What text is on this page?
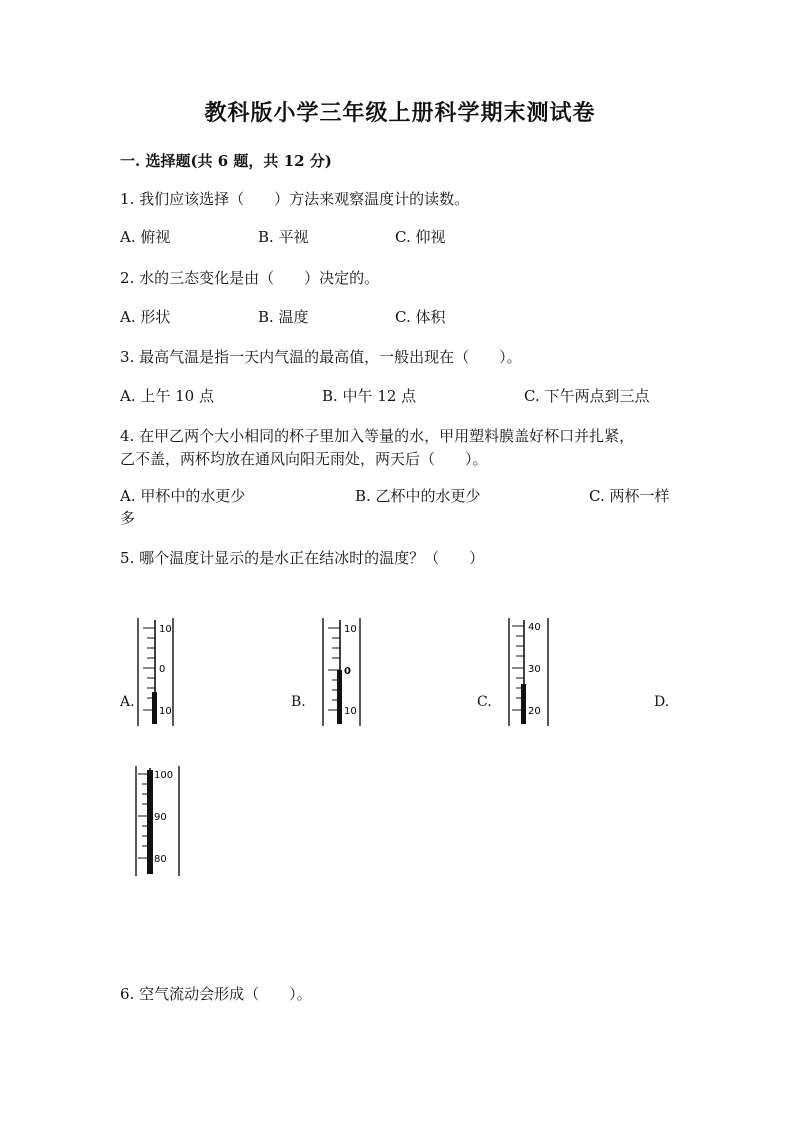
教科版小学三年级上册科学期末测试卷
一. 选择题(共 6 题，共 12 分)
1. 我们应该选择（　　）方法来观察温度计的读数。
A. 俯视	B. 平视	C. 仰视
2. 水的三态变化是由（　　）决定的。
A. 形状	B. 温度	C. 体积
3. 最高气温是指一天内气温的最高值，一般出现在（　　）。
A. 上午 10 点	B. 中午 12 点	C. 下午两点到三点
4. 在甲乙两个大小相同的杯子里加入等量的水，甲用塑料膜盖好杯口并扎紧，
乙不盖，两杯均放在通风向阳无雨处，两天后（　　）。
A. 甲杯中的水更少	B. 乙杯中的水更少	C. 两杯一样
多
5. 哪个温度计显示的是水正在结冰时的温度？（　　）
A.	B.	C.	D.
10
0
10
10
0
10
40
30
20
100
90
80
6. 空气流动会形成（　　）。
